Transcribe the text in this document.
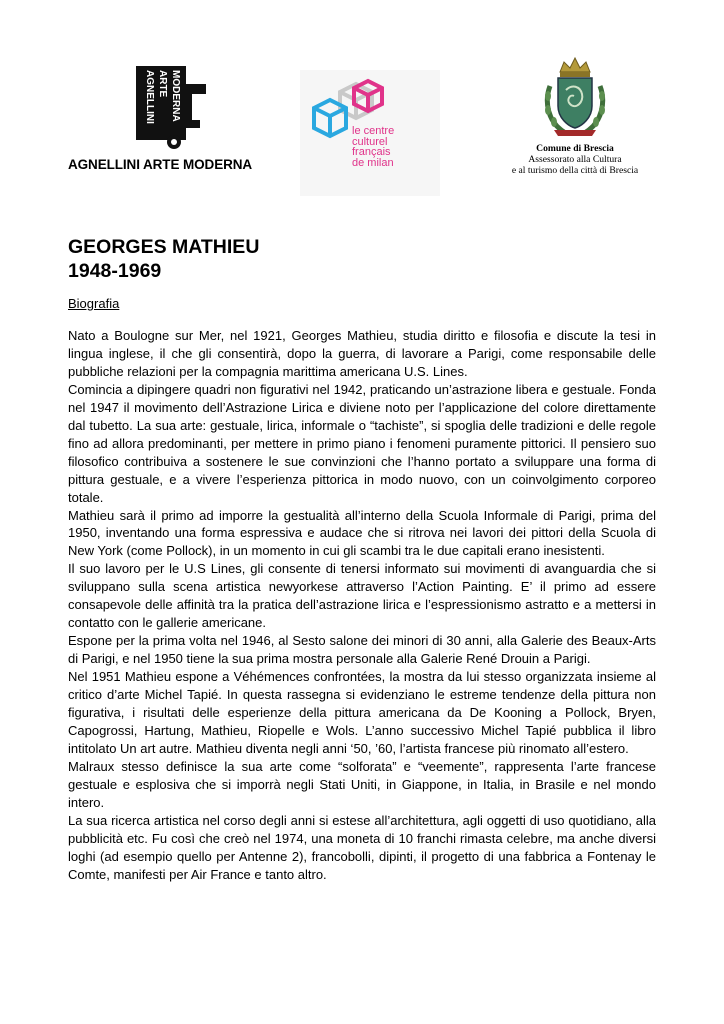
AGNELLINI ARTE MODERNA
AGNELLINI ARTE MODERNA
le centre
culturel
français
de milan
Comune di Brescia
Assessorato alla Cultura
e al turismo della città di Brescia
GEORGES MATHIEU
1948-1969
Biografia

Nato a Boulogne sur Mer, nel 1921, Georges Mathieu, studia diritto e filosofia e discute la tesi in lingua inglese, il che gli consentirà, dopo la guerra, di lavorare a Parigi, come responsabile delle pubbliche relazioni per la compagnia marittima americana U.S. Lines.

Comincia a dipingere quadri non figurativi nel 1942, praticando un’astrazione libera e gestuale. Fonda nel 1947 il movimento dell’Astrazione Lirica e diviene noto per l’applicazione del colore direttamente dal tubetto. La sua arte: gestuale, lirica, informale o “tachiste”, si spoglia delle tradizioni e delle regole fino ad allora predominanti, per mettere in primo piano i fenomeni puramente pittorici. Il pensiero suo filosofico contribuiva a sostenere le sue convinzioni che l’hanno portato a sviluppare una forma di pittura gestuale, e a vivere l’esperienza pittorica in modo nuovo, con un coinvolgimento corporeo totale.

Mathieu sarà il primo ad imporre la gestualità all’interno della Scuola Informale di Parigi, prima del 1950, inventando una forma espressiva e audace che si ritrova nei lavori dei pittori della Scuola di New York (come Pollock), in un momento in cui gli scambi tra le due capitali erano inesistenti.

Il suo lavoro per le U.S Lines, gli consente di tenersi informato sui movimenti di avanguardia che si sviluppano sulla scena artistica newyorkese attraverso l’Action Painting. E’ il primo ad essere consapevole delle affinità tra la pratica dell’astrazione lirica e l’espressionismo astratto e a mettersi in contatto con le gallerie americane.

Espone per la prima volta nel 1946, al Sesto salone dei minori di 30 anni, alla Galerie des Beaux-Arts di Parigi, e nel 1950 tiene la sua prima mostra personale alla Galerie René Drouin a Parigi.

Nel 1951 Mathieu espone a Véhémences confrontées, la mostra da lui stesso organizzata insieme al critico d’arte Michel Tapié. In questa rassegna si evidenziano le estreme tendenze della pittura non figurativa, i risultati delle esperienze della pittura americana da De Kooning a Pollock, Bryen, Capogrossi, Hartung, Mathieu, Riopelle e Wols. L’anno successivo Michel Tapié pubblica il libro intitolato Un art autre. Mathieu diventa negli anni ‘50, ’60, l’artista francese più rinomato all’estero.

Malraux stesso definisce la sua arte come “solforata” e “veemente”, rappresenta l’arte francese gestuale e esplosiva che si imporrà negli Stati Uniti, in Giappone, in Italia, in Brasile e nel mondo intero.

La sua ricerca artistica nel corso degli anni si estese all’architettura, agli oggetti di uso quotidiano, alla pubblicità etc. Fu così che creò nel 1974, una moneta di 10 franchi rimasta celebre, ma anche diversi loghi (ad esempio quello per Antenne 2), francobolli, dipinti, il progetto di una fabbrica a Fontenay le Comte, manifesti per Air France e tanto altro.
